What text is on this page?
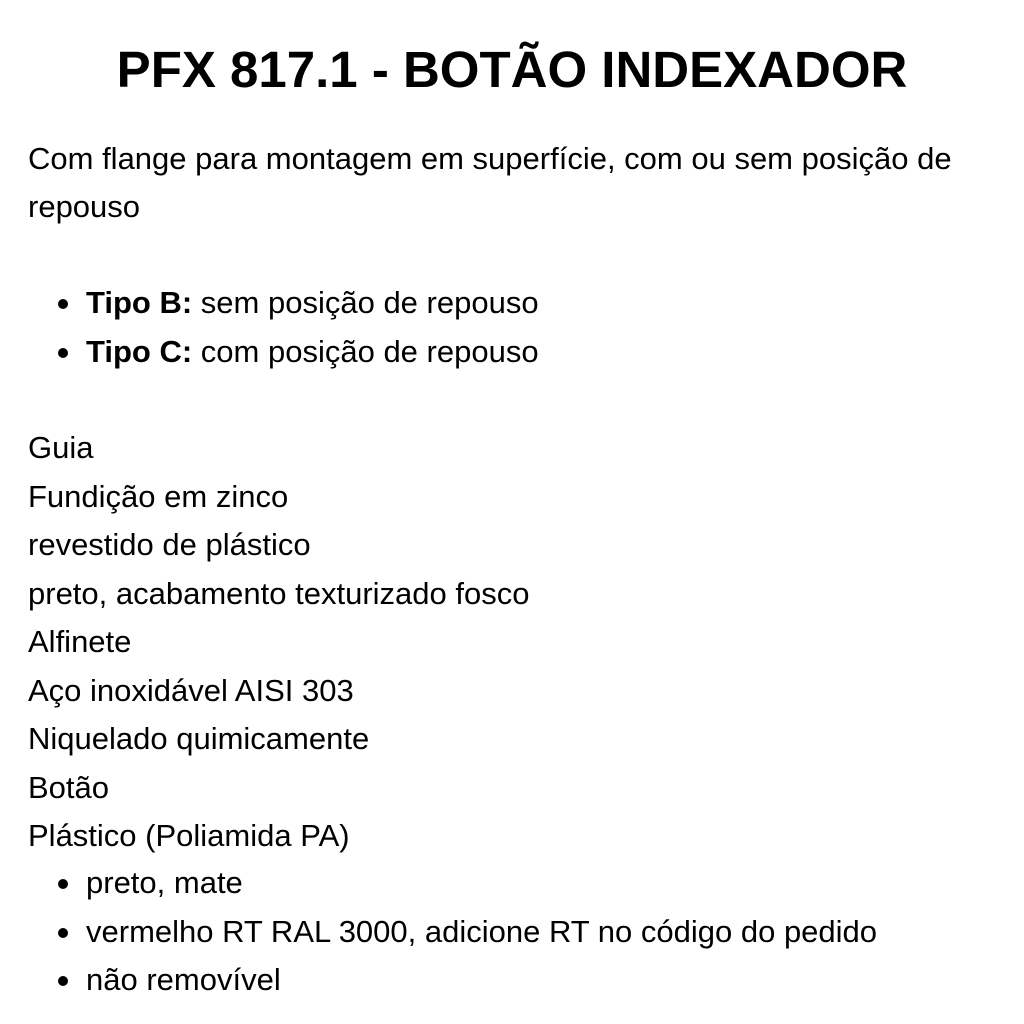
PFX 817.1 - BOTÃO INDEXADOR

Com flange para montagem em superfície, com ou sem posição de repouso

Tipo B: sem posição de repouso
Tipo C: com posição de repouso
Guia
Fundição em zinco
revestido de plástico
preto, acabamento texturizado fosco
Alfinete
Aço inoxidável AISI 303
Niquelado quimicamente
Botão
Plástico (Poliamida PA)
preto, mate
vermelho RT RAL 3000, adicione RT no código do pedido
não removível
